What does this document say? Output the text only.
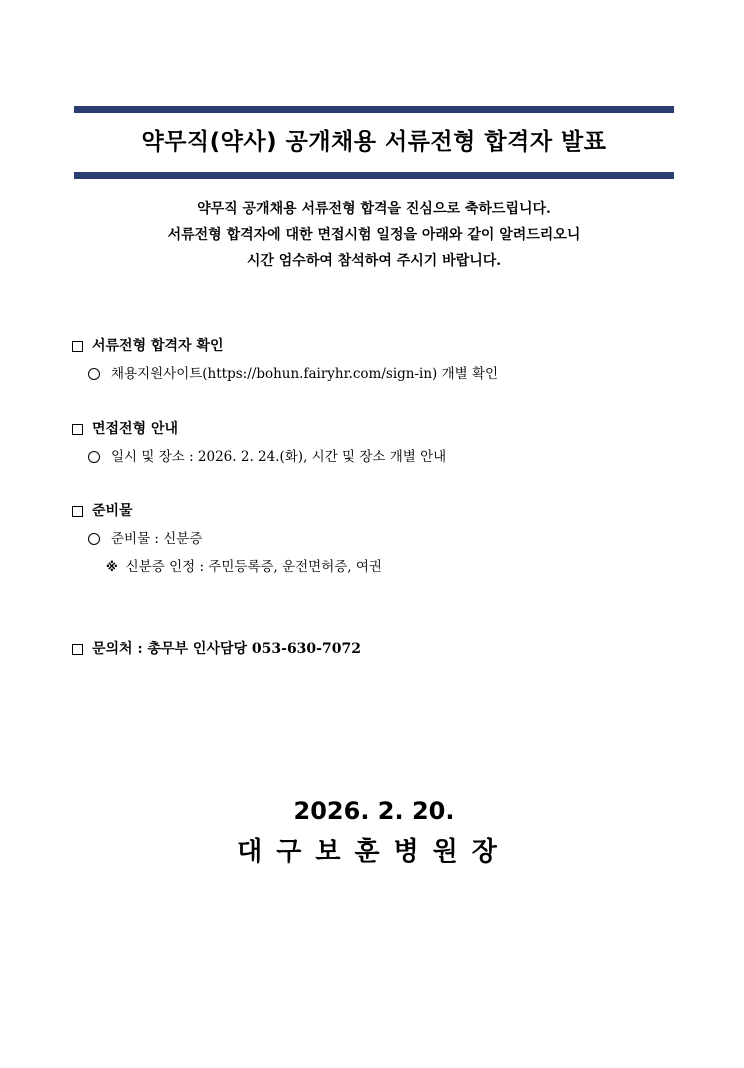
약무직(약사) 공개채용 서류전형 합격자 발표
약무직 공개채용 서류전형 합격을 진심으로 축하드립니다.
서류전형 합격자에 대한 면접시험 일정을 아래와 같이 알려드리오니
시간 엄수하여 참석하여 주시기 바랍니다.
서류전형 합격자 확인
채용지원사이트(https://bohun.fairyhr.com/sign-in) 개별 확인
면접전형 안내
일시 및 장소 : 2026. 2. 24.(화), 시간 및 장소 개별 안내
준비물
준비물 : 신분증
※ 신분증 인정 : 주민등록증, 운전면허증, 여권
문의처 : 총무부 인사담당 053-630-7072
2026. 2. 20.
대구보훈병원장
